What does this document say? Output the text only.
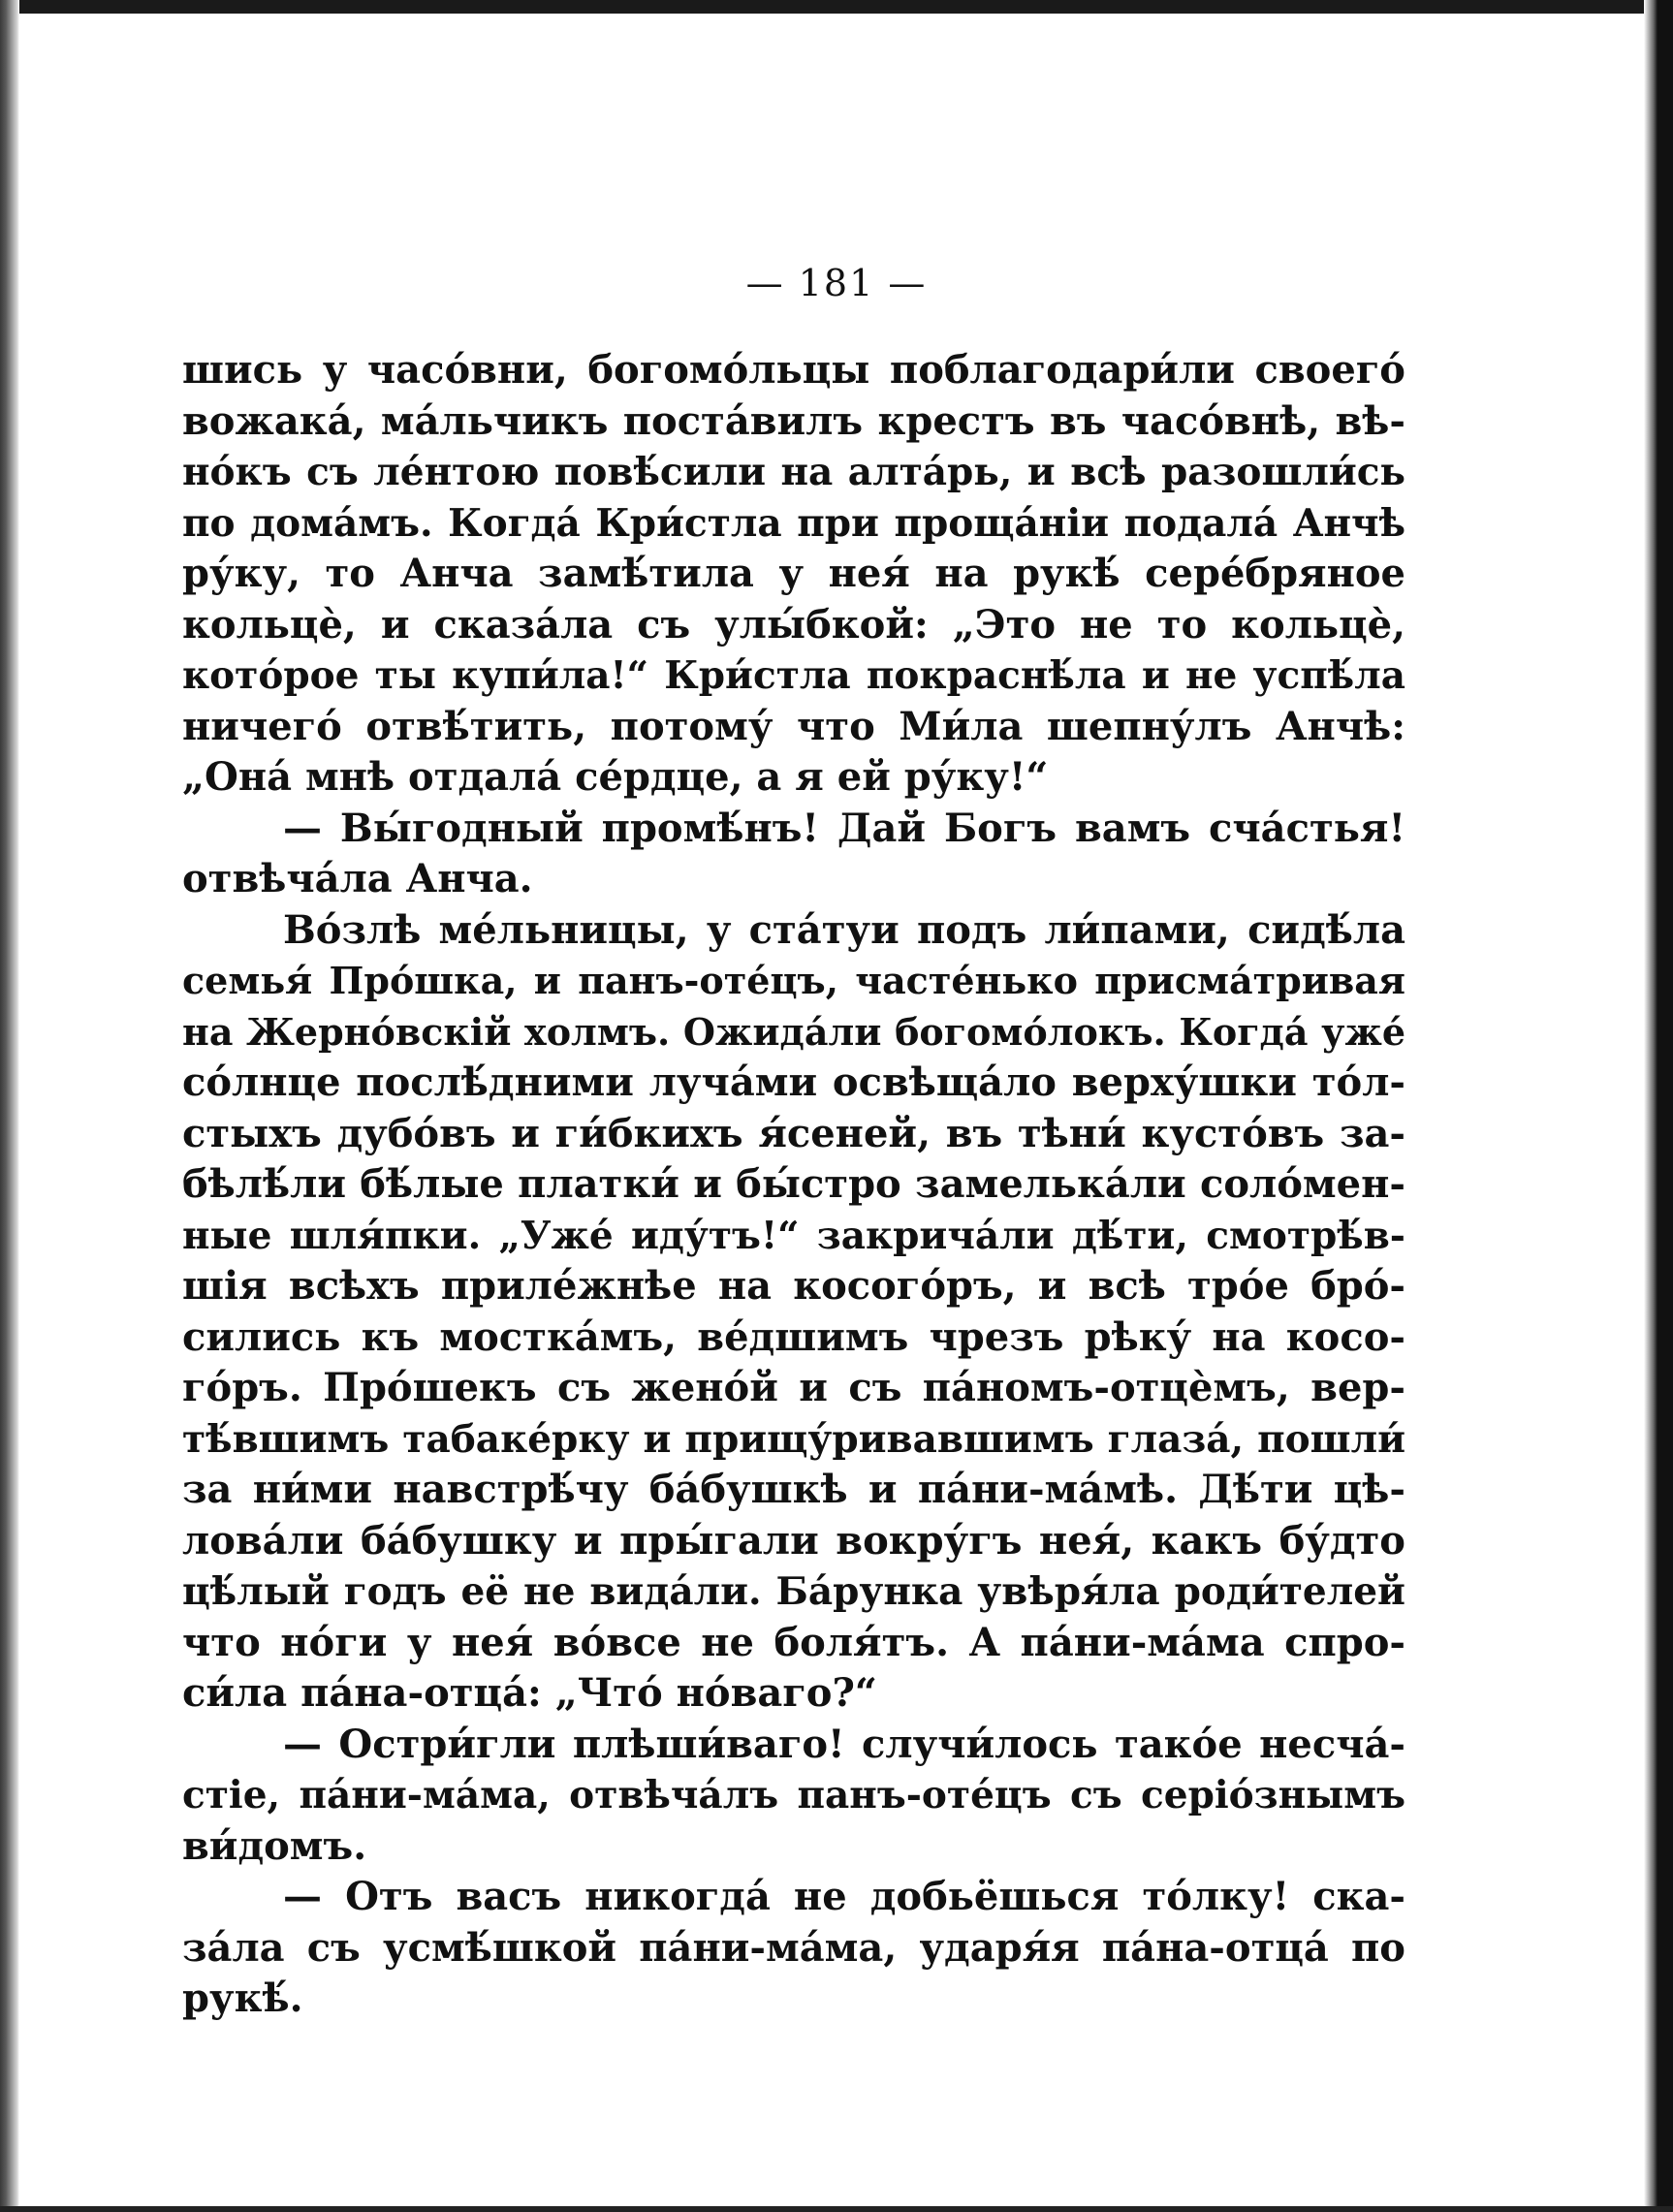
— 181 —
шись у часо́вни, богомо́льцы поблагодари́ли своего́
вожака́, ма́льчикъ поста́вилъ крестъ въ часо́внѣ, вѣ-
но́къ съ ле́нтою повѣ́сили на алта́рь, и всѣ разошли́сь
по дома́мъ. Когда́ Кри́стла при проща́ніи подала́ Анчѣ
ру́ку, то Анча замѣ́тила у нея́ на рукѣ́ сере́бряное
кольцѐ, и сказа́ла съ улы́бкой: „Это не то кольцѐ,
кото́рое ты купи́ла!“ Кри́стла покраснѣ́ла и не успѣ́ла
ничего́ отвѣ́тить, потому́ что Ми́ла шепну́лъ Анчѣ:
„Она́ мнѣ отдала́ се́рдце, а я ей ру́ку!“
— Вы́годный промѣ́нъ! Дай Богъ вамъ сча́стья!
отвѣча́ла Анча.
Во́злѣ ме́льницы, у ста́туи подъ ли́пами, сидѣ́ла
семья́ Про́шка, и панъ-оте́цъ, часте́нько присма́тривая
на Жерно́вскій холмъ. Ожида́ли богомо́локъ. Когда́ уже́
со́лнце послѣ́дними луча́ми освѣща́ло верху́шки то́л-
стыхъ дубо́въ и ги́бкихъ я́сеней, въ тѣни́ кусто́въ за-
бѣлѣ́ли бѣ́лые платки́ и бы́стро замелька́ли соло́мен-
ные шля́пки. „Уже́ иду́тъ!“ закрича́ли дѣ́ти, смотрѣ́в-
шія всѣхъ приле́жнѣе на косого́ръ, и всѣ тро́е бро́-
сились къ мостка́мъ, ве́дшимъ чрезъ рѣку́ на косо-
го́ръ. Про́шекъ съ жено́й и съ па́номъ-отцѐмъ, вер-
тѣ́вшимъ табаке́рку и прищу́ривавшимъ глаза́, пошли́
за ни́ми навстрѣ́чу ба́бушкѣ и па́ни-ма́мѣ. Дѣ́ти цѣ-
лова́ли ба́бушку и пры́гали вокру́гъ нея́, какъ бу́дто
цѣ́лый годъ её не вида́ли. Ба́рунка увѣря́ла роди́телей
что но́ги у нея́ во́все не боля́тъ. А па́ни-ма́ма спро-
си́ла па́на-отца́: „Что́ но́ваго?“
— Остри́гли плѣши́ваго! случи́лось тако́е несча́-
стіе, па́ни-ма́ма, отвѣча́лъ панъ-оте́цъ съ серіо́знымъ
ви́домъ.
— Отъ васъ никогда́ не добьёшься то́лку! ска-
за́ла съ усмѣ́шкой па́ни-ма́ма, ударя́я па́на-отца́ по
рукѣ́.
